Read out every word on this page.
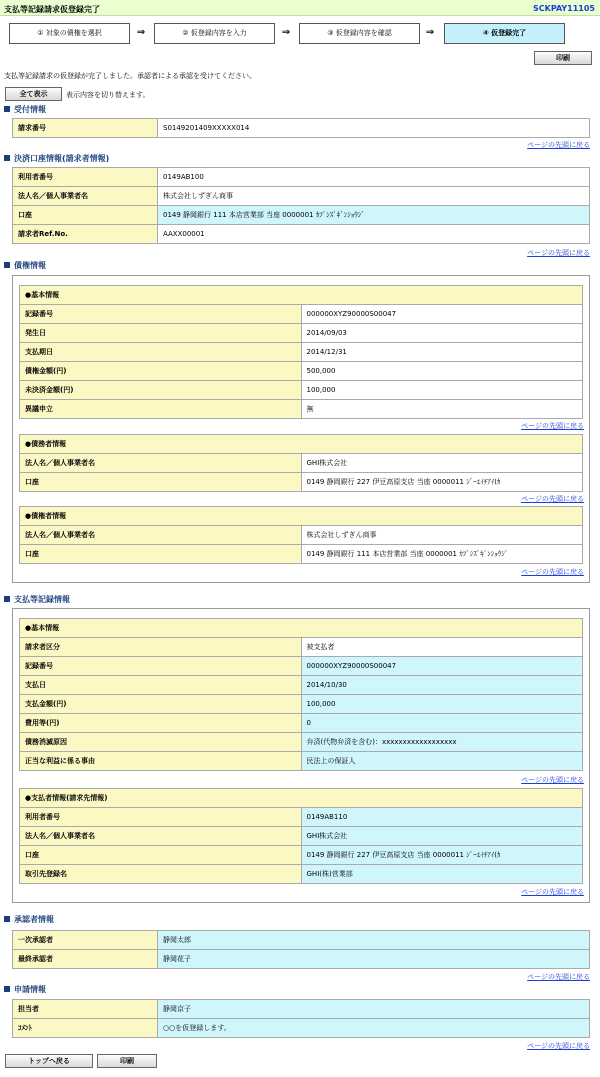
支払等記録請求仮登録完了	SCKPAY11105
① 対象の債権を選択	⇒	② 仮登録内容を入力	⇒	③ 仮登録内容を確認	⇒	④ 仮登録完了
印刷
支払等記録請求の仮登録が完了しました。承認者による承認を受けてください。
全て表示	表示内容を切り替えます。
受付情報
請求番号	S0149201409XXXXX014
ページの先頭に戻る
決済口座情報(請求者情報)
利用者番号	0149AB100
法人名／個人事業者名	株式会社しずぎん商事
口座	0149 静岡銀行 111 本店営業部 当座 0000001 ｶﾌﾞｼｽﾞｷﾞﾝｼｮｳｼﾞ
請求者Ref.No.	AAXX00001
ページの先頭に戻る
債権情報
●基本情報	
記録番号	000000XYZ90000S00047
発生日	2014/09/03
支払期日	2014/12/31
債権金額(円)	500,000
未決済金額(円)	100,000
異議申立	無
ページの先頭に戻る
●債務者情報	
法人名／個人事業者名	GHI株式会社
口座	0149 静岡銀行 227 伊豆高原支店 当座 0000011 ｼﾞｰｴｲﾁｱｲ(ｶ
ページの先頭に戻る
●債権者情報	
法人名／個人事業者名	株式会社しずぎん商事
口座	0149 静岡銀行 111 本店営業部 当座 0000001 ｶﾌﾞｼｽﾞｷﾞﾝｼｮｳｼﾞ
ページの先頭に戻る
支払等記録情報
●基本情報	
請求者区分	被支払者
記録番号	000000XYZ90000S00047
支払日	2014/10/30
支払金額(円)	100,000
費用等(円)	0
債務消滅原因	弁済(代物弁済を含む)：xxxxxxxxxxxxxxxxxx
正当な利益に係る事由	民法上の保証人
ページの先頭に戻る
●支払者情報(請求先情報)	
利用者番号	0149AB110
法人名／個人事業者名	GHI株式会社
口座	0149 静岡銀行 227 伊豆高原支店 当座 0000011 ｼﾞｰｴｲﾁｱｲ(ｶ
取引先登録名	GHI(株)営業部
ページの先頭に戻る
承認者情報
一次承認者	静岡太郎
最終承認者	静岡花子
ページの先頭に戻る
申請情報
担当者	静岡京子
ｺﾒﾝﾄ	○○を仮登録します。
ページの先頭に戻る
トップへ戻る	印刷
